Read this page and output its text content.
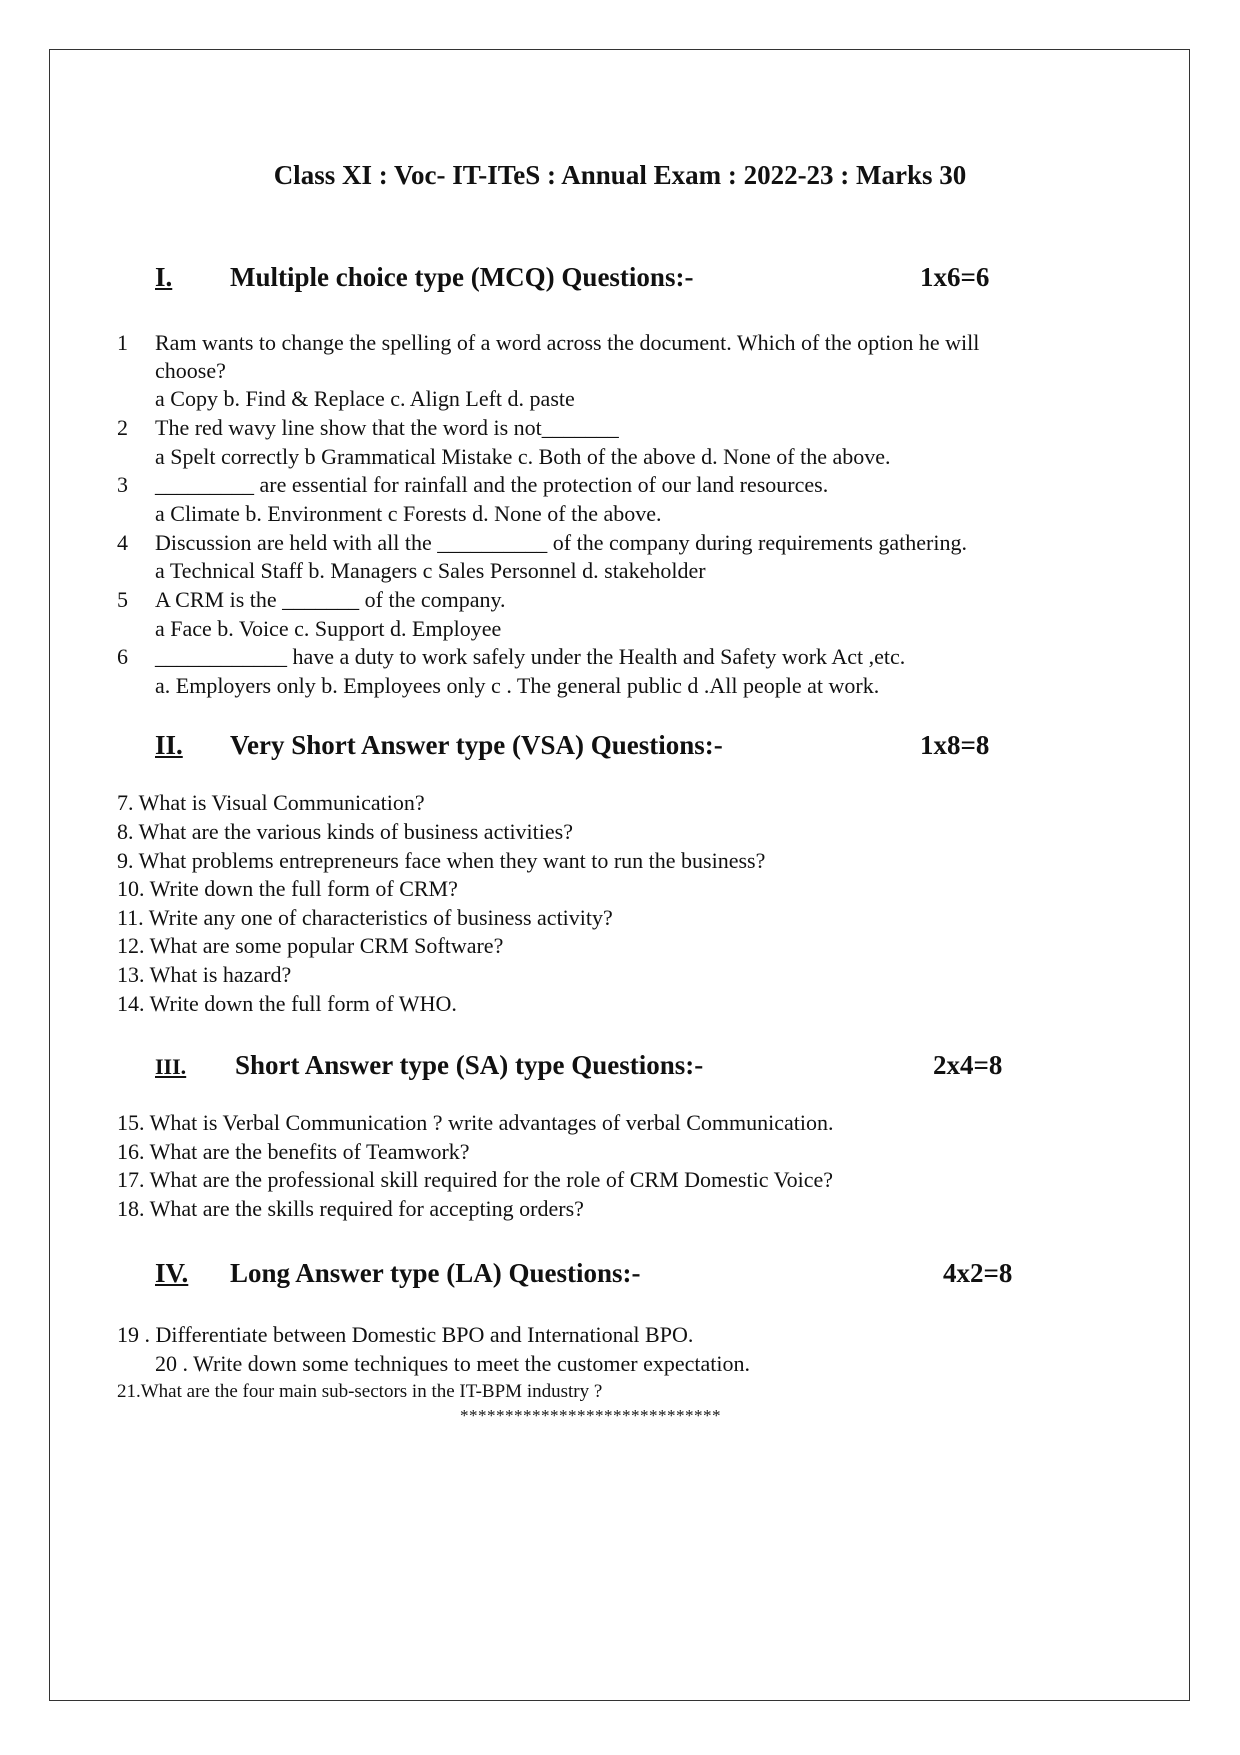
Class XI : Voc- IT-ITeS : Annual Exam : 2022-23 : Marks 30
I. Multiple choice type (MCQ) Questions:-	1x6=6
1 Ram wants to change the spelling of a word across the document. Which of the option he will
choose?
a Copy b. Find & Replace c. Align Left d. paste
2 The red wavy line show that the word is not_______
a Spelt correctly b Grammatical Mistake c. Both of the above d. None of the above.
3 _________ are essential for rainfall and the protection of our land resources.
a Climate b. Environment c Forests d. None of the above.
4 Discussion are held with all the __________ of the company during requirements gathering.
a Technical Staff b. Managers c Sales Personnel d. stakeholder
5 A CRM is the _______ of the company.
a Face b. Voice c. Support d. Employee
6 ____________ have a duty to work safely under the Health and Safety work Act ,etc.
a. Employers only b. Employees only c . The general public d .All people at work.
II. Very Short Answer type (VSA) Questions:-	1x8=8
7. What is Visual Communication?
8. What are the various kinds of business activities?
9. What problems entrepreneurs face when they want to run the business?
10. Write down the full form of CRM?
11. Write any one of characteristics of business activity?
12. What are some popular CRM Software?
13. What is hazard?
14. Write down the full form of WHO.
III. Short Answer type (SA) type Questions:-	2x4=8
15. What is Verbal Communication ? write advantages of verbal Communication.
16. What are the benefits of Teamwork?
17. What are the professional skill required for the role of CRM Domestic Voice?
18. What are the skills required for accepting orders?
IV. Long Answer type (LA) Questions:-	4x2=8
19 . Differentiate between Domestic BPO and International BPO.
20 . Write down some techniques to meet the customer expectation.
21.What are the four main sub-sectors in the IT-BPM industry ?
*****************************
